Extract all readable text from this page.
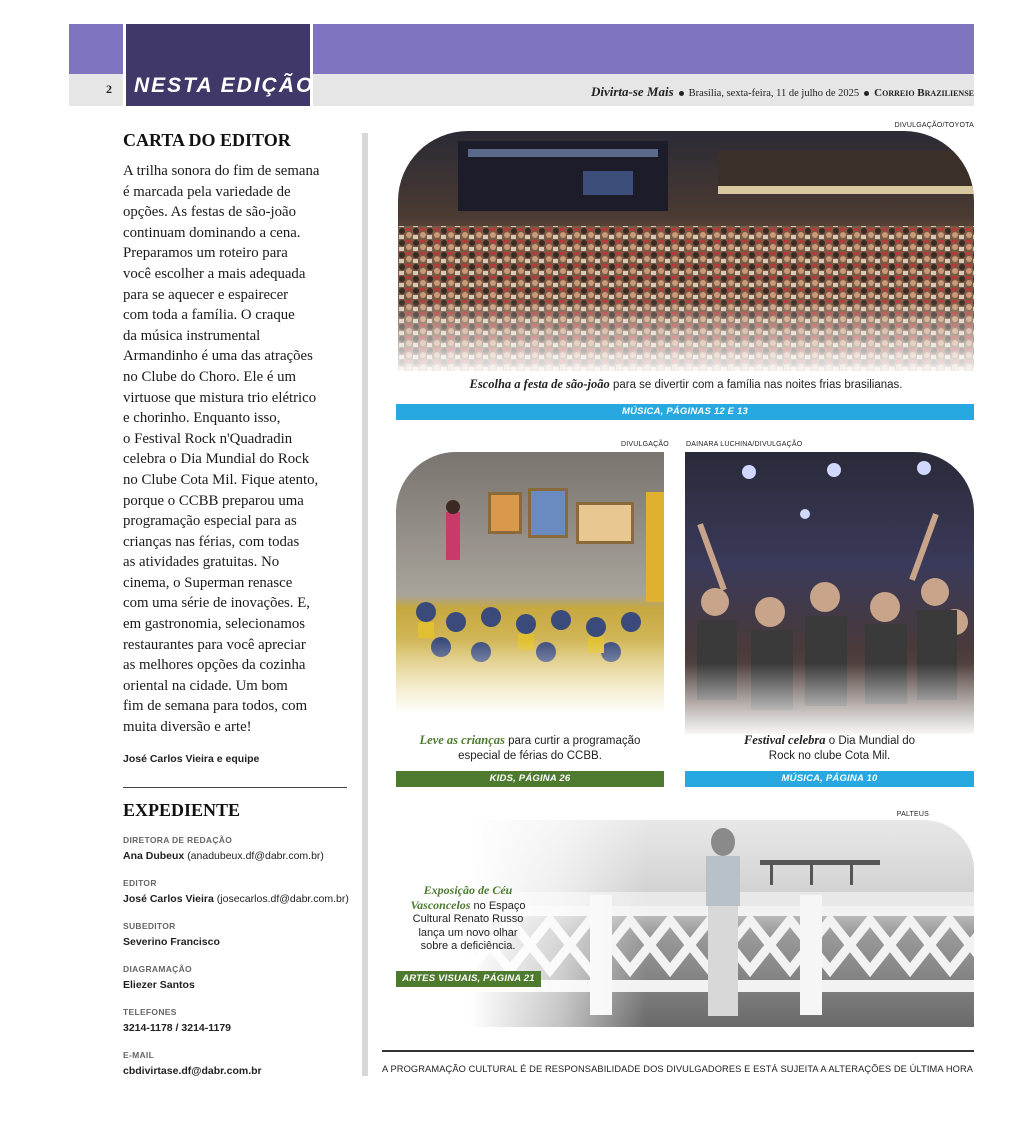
2 NESTA EDIÇÃO	Divirta-se Mais Brasília, sexta-feira, 11 de julho de 2025 Correio Braziliense
CARTA DO EDITOR
A trilha sonora do fim de semana
é marcada pela variedade de
opções. As festas de são-joão
continuam dominando a cena.
Preparamos um roteiro para
você escolher a mais adequada
para se aquecer e espairecer
com toda a família. O craque
da música instrumental
Armandinho é uma das atrações
no Clube do Choro. Ele é um
virtuose que mistura trio elétrico
e chorinho. Enquanto isso,
o Festival Rock n'Quadradin
celebra o Dia Mundial do Rock
no Clube Cota Mil. Fique atento,
porque o CCBB preparou uma
programação especial para as
crianças nas férias, com todas
as atividades gratuitas. No
cinema, o Superman renasce
com uma série de inovações. E,
em gastronomia, selecionamos
restaurantes para você apreciar
as melhores opções da cozinha
oriental na cidade. Um bom
fim de semana para todos, com
muita diversão e arte!
José Carlos Vieira e equipe
EXPEDIENTE
DIRETORA DE REDAÇÃO
Ana Dubeux (anadubeux.df@dabr.com.br)
EDITOR
José Carlos Vieira (josecarlos.df@dabr.com.br)
SUBEDITOR
Severino Francisco
DIAGRAMAÇÃO
Eliezer Santos
TELEFONES
3214-1178 / 3214-1179
E-MAIL
cbdivirtase.df@dabr.com.br
DIVULGAÇÃO/TOYOTA
Escolha a festa de são-joão para se divertir com a família nas noites frias brasilianas.
MÚSICA, PÁGINAS 12 E 13
DIVULGAÇÃO
Leve as crianças para curtir a programação
especial de férias do CCBB.
KIDS, PÁGINA 26
DAINARA LUCHINA/DIVULGAÇÃO
Festival celebra o Dia Mundial do
Rock no clube Cota Mil.
MÚSICA, PÁGINA 10
PALTEUS
Exposição de Céu
Vasconcelos no Espaço
Cultural Renato Russo
lança um novo olhar
sobre a deficiência.
ARTES VISUAIS, PÁGINA 21
A PROGRAMAÇÃO CULTURAL É DE RESPONSABILIDADE DOS DIVULGADORES E ESTÁ SUJEITA A ALTERAÇÕES DE ÚLTIMA HORA
